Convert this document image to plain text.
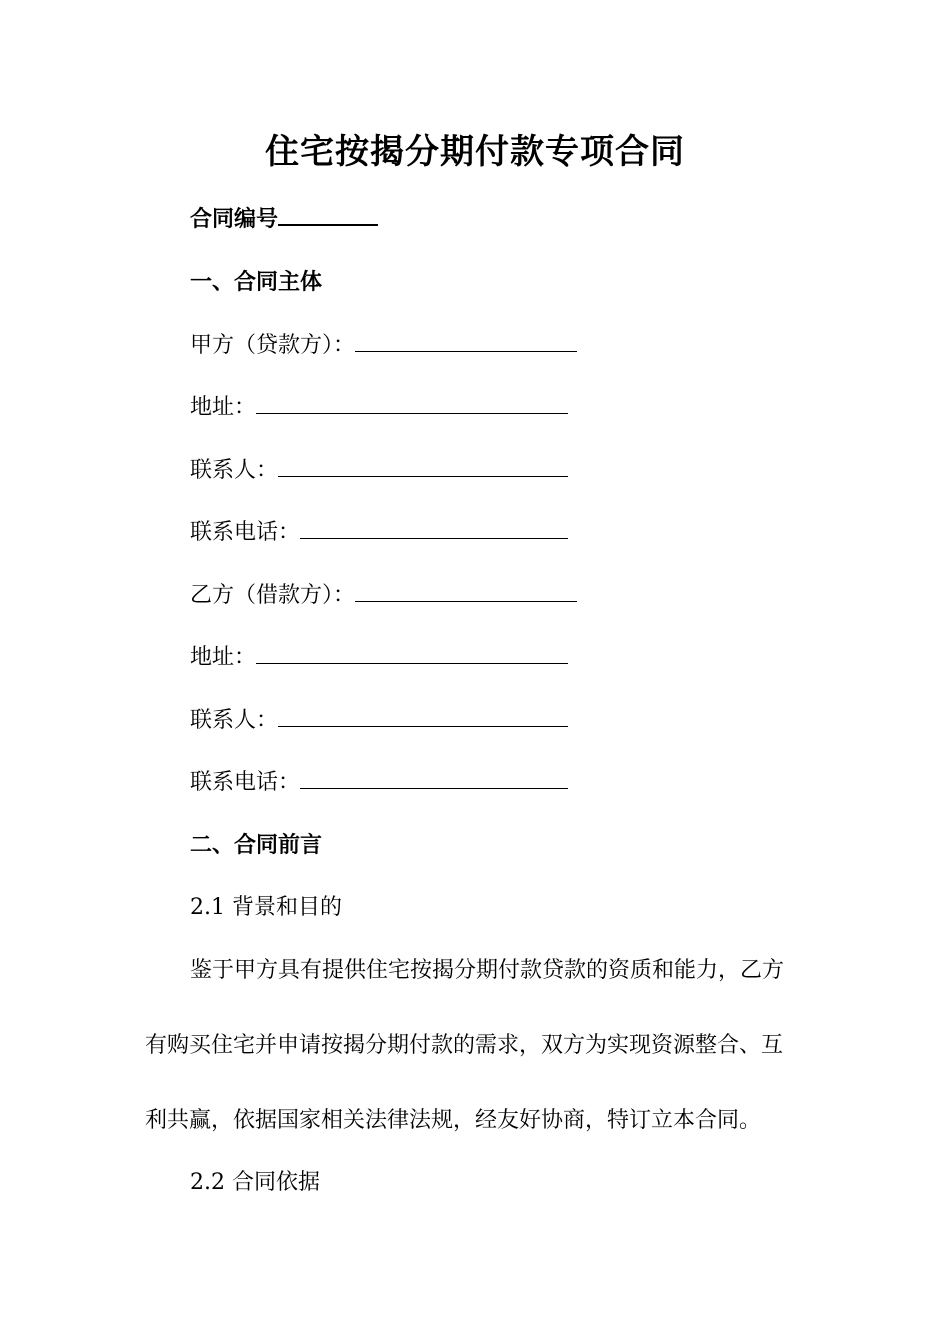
住宅按揭分期付款专项合同
合同编号
一、合同主体
甲方（贷款方）：
地址：
联系人：
联系电话：
乙方（借款方）：
地址：
联系人：
联系电话：
二、合同前言
2.1 背景和目的
鉴于甲方具有提供住宅按揭分期付款贷款的资质和能力，乙方
有购买住宅并申请按揭分期付款的需求，双方为实现资源整合、互
利共赢，依据国家相关法律法规，经友好协商，特订立本合同。
2.2 合同依据
